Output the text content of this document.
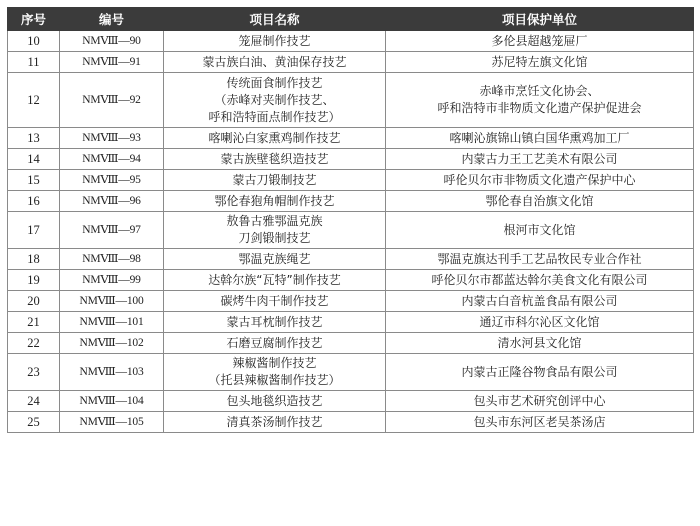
序号	编号	项目名称	项目保护单位
10	NMⅧ—90	笼屉制作技艺	多伦县超越笼屉厂

11	NMⅧ—91	蒙古族白油、黄油保存技艺	苏尼特左旗文化馆

12	NMⅧ—92	传统面食制作技艺
（赤峰对夹制作技艺、
呼和浩特面点制作技艺）	赤峰市烹饪文化协会、
呼和浩特市非物质文化遗产保护促进会

13	NMⅧ—93	喀喇沁白家熏鸡制作技艺	喀喇沁旗锦山镇白国华熏鸡加工厂

14	NMⅧ—94	蒙古族壁毯织造技艺	内蒙古力王工艺美术有限公司

15	NMⅧ—95	蒙古刀锻制技艺	呼伦贝尔市非物质文化遗产保护中心

16	NMⅧ—96	鄂伦春狍角帽制作技艺	鄂伦春自治旗文化馆

17	NMⅧ—97	敖鲁古雅鄂温克族
刀剑锻制技艺	根河市文化馆

18	NMⅧ—98	鄂温克族绳艺	鄂温克旗达刊手工艺品牧民专业合作社

19	NMⅧ—99	达斡尔族“瓦特”制作技艺	呼伦贝尔市都蓝达斡尔美食文化有限公司

20	NMⅧ—100	碳烤牛肉干制作技艺	内蒙古白音杭盖食品有限公司

21	NMⅧ—101	蒙古耳枕制作技艺	通辽市科尔沁区文化馆

22	NMⅧ—102	石磨豆腐制作技艺	清水河县文化馆

23	NMⅧ—103	辣椒酱制作技艺
（托县辣椒酱制作技艺）	内蒙古正隆谷物食品有限公司

24	NMⅧ—104	包头地毯织造技艺	包头市艺术研究创评中心

25	NMⅧ—105	清真茶汤制作技艺	包头市东河区老吴茶汤店
